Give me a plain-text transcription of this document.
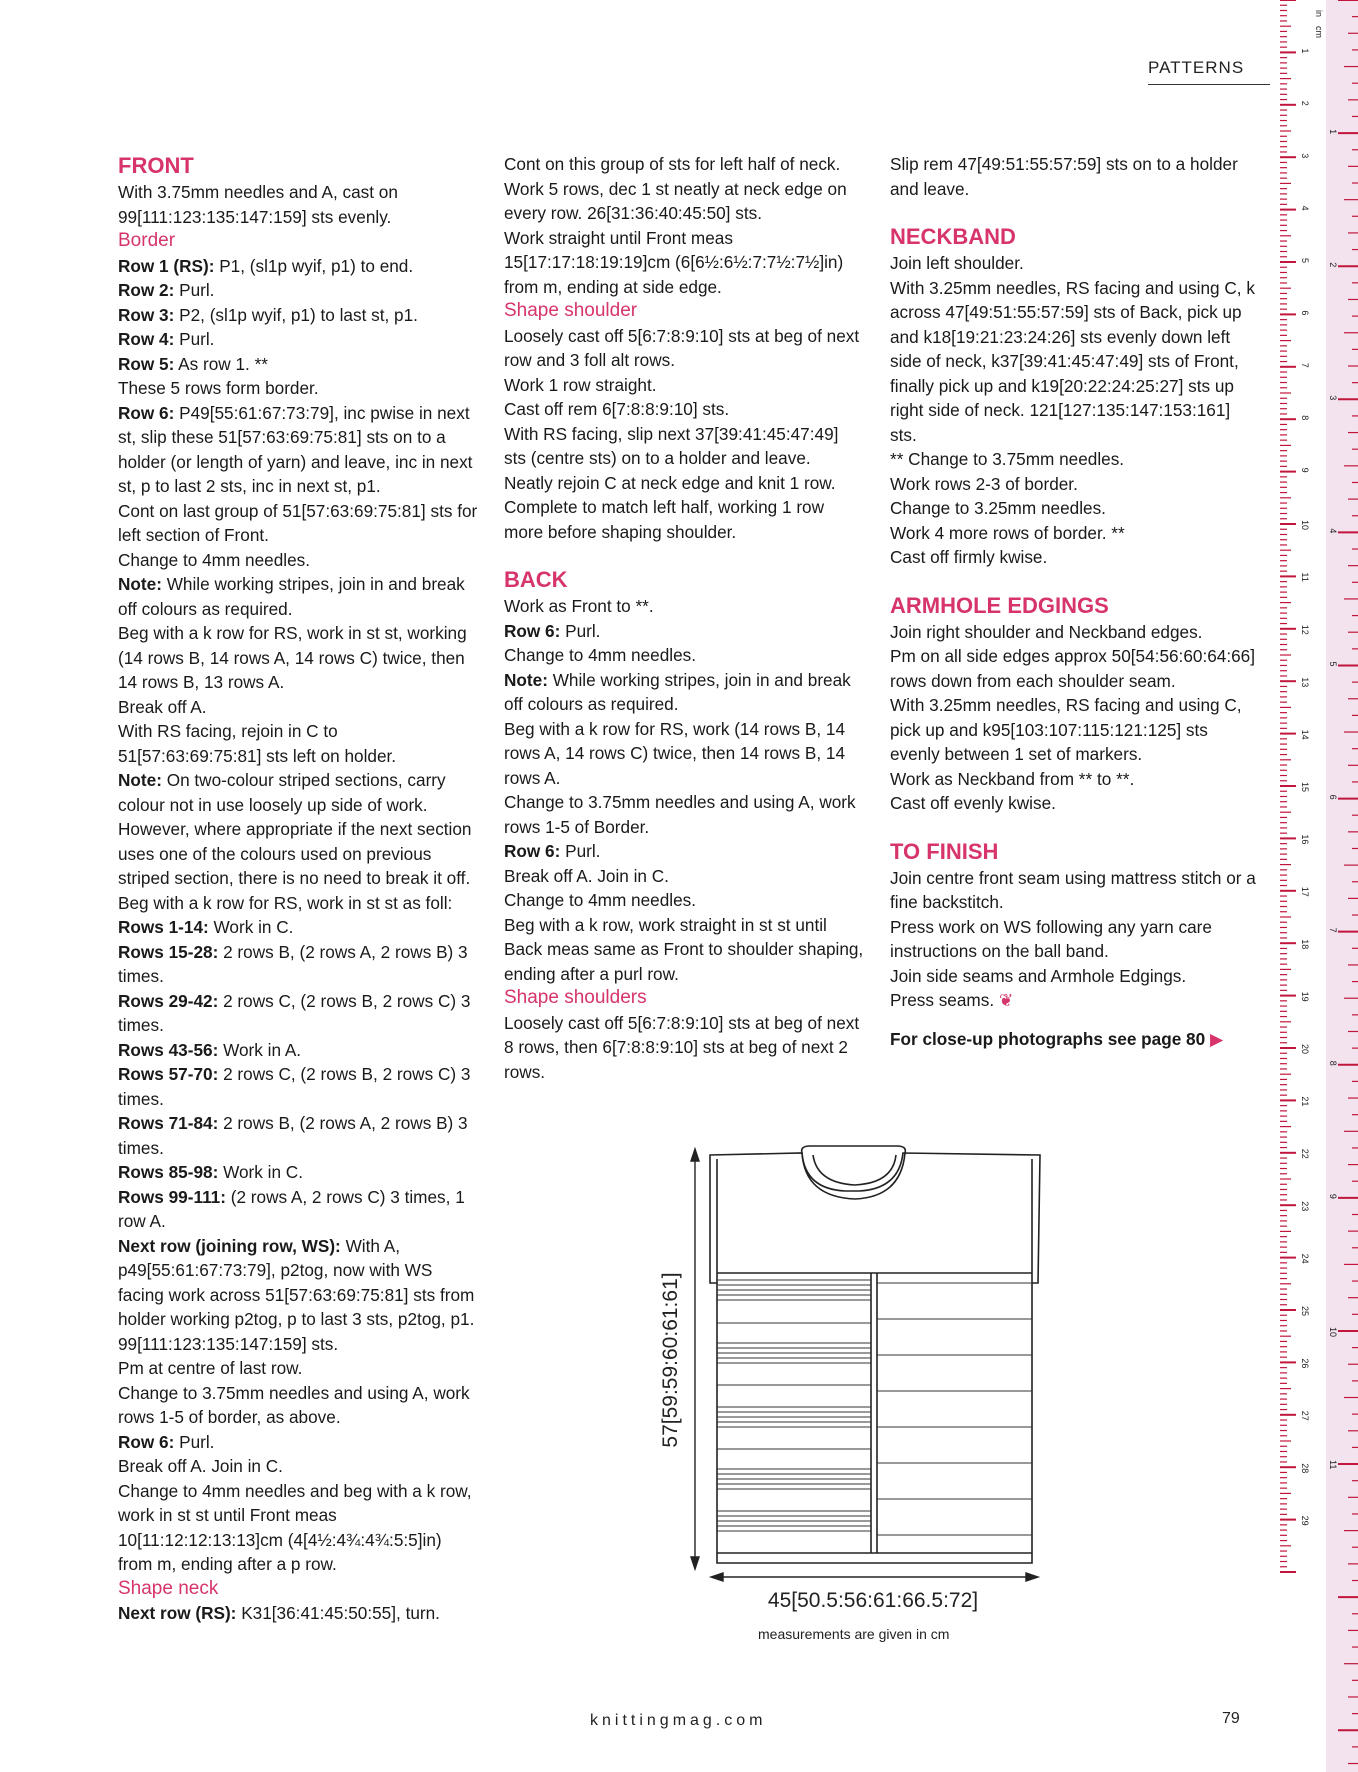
PATTERNS

FRONT

With 3.75mm needles and A, cast on 99[111:123:135:147:159] sts evenly.

Border

Row 1 (RS): P1, (sl1p wyif, p1) to end.

Row 2: Purl.

Row 3: P2, (sl1p wyif, p1) to last st, p1.

Row 4: Purl.

Row 5: As row 1. **

These 5 rows form border.

Row 6: P49[55:61:67:73:79], inc pwise in next st, slip these 51[57:63:69:75:81] sts on to a holder (or length of yarn) and leave, inc in next st, p to last 2 sts, inc in next st, p1.

Cont on last group of 51[57:63:69:75:81] sts for left section of Front.

Change to 4mm needles.

Note: While working stripes, join in and break off colours as required.

Beg with a k row for RS, work in st st, working (14 rows B, 14 rows A, 14 rows C) twice, then 14 rows B, 13 rows A.

Break off A.

With RS facing, rejoin in C to 51[57:63:69:75:81] sts left on holder.

Note: On two-colour striped sections, carry colour not in use loosely up side of work. However, where appropriate if the next section uses one of the colours used on previous striped section, there is no need to break it off.

Beg with a k row for RS, work in st st as foll:

Rows 1-14: Work in C.

Rows 15-28: 2 rows B, (2 rows A, 2 rows B) 3 times.

Rows 29-42: 2 rows C, (2 rows B, 2 rows C) 3 times.

Rows 43-56: Work in A.

Rows 57-70: 2 rows C, (2 rows B, 2 rows C) 3 times.

Rows 71-84: 2 rows B, (2 rows A, 2 rows B) 3 times.

Rows 85-98: Work in C.

Rows 99-111: (2 rows A, 2 rows C) 3 times, 1 row A.

Next row (joining row, WS): With A, p49[55:61:67:73:79], p2tog, now with WS facing work across 51[57:63:69:75:81] sts from holder working p2tog, p to last 3 sts, p2tog, p1. 99[111:123:135:147:159] sts.

Pm at centre of last row.

Change to 3.75mm needles and using A, work rows 1-5 of border, as above.

Row 6: Purl.

Break off A. Join in C.

Change to 4mm needles and beg with a k row, work in st st until Front meas 10[11:12:12:13:13]cm (4[4½:4¾:4¾:5:5]in) from m, ending after a p row.

Shape neck

Next row (RS): K31[36:41:45:50:55], turn.

Cont on this group of sts for left half of neck.

Work 5 rows, dec 1 st neatly at neck edge on every row. 26[31:36:40:45:50] sts.

Work straight until Front meas 15[17:17:18:19:19]cm (6[6½:6½:7:7½:7½]in) from m, ending at side edge.

Shape shoulder

Loosely cast off 5[6:7:8:9:10] sts at beg of next row and 3 foll alt rows.

Work 1 row straight.

Cast off rem 6[7:8:8:9:10] sts.

With RS facing, slip next 37[39:41:45:47:49] sts (centre sts) on to a holder and leave.

Neatly rejoin C at neck edge and knit 1 row.

Complete to match left half, working 1 row more before shaping shoulder.

BACK

Work as Front to **.

Row 6: Purl.

Change to 4mm needles.

Note: While working stripes, join in and break off colours as required.

Beg with a k row for RS, work (14 rows B, 14 rows A, 14 rows C) twice, then 14 rows B, 14 rows A.

Change to 3.75mm needles and using A, work rows 1-5 of Border.

Row 6: Purl.

Break off A. Join in C.

Change to 4mm needles.

Beg with a k row, work straight in st st until Back meas same as Front to shoulder shaping, ending after a purl row.

Shape shoulders

Loosely cast off 5[6:7:8:9:10] sts at beg of next 8 rows, then 6[7:8:8:9:10] sts at beg of next 2 rows.

Slip rem 47[49:51:55:57:59] sts on to a holder and leave.

NECKBAND

Join left shoulder.

With 3.25mm needles, RS facing and using C, k across 47[49:51:55:57:59] sts of Back, pick up and k18[19:21:23:24:26] sts evenly down left side of neck, k37[39:41:45:47:49] sts of Front, finally pick up and k19[20:22:24:25:27] sts up right side of neck. 121[127:135:147:153:161] sts.

** Change to 3.75mm needles.

Work rows 2-3 of border.

Change to 3.25mm needles.

Work 4 more rows of border. **

Cast off firmly kwise.

ARMHOLE EDGINGS

Join right shoulder and Neckband edges.

Pm on all side edges approx 50[54:56:60:64:66] rows down from each shoulder seam.

With 3.25mm needles, RS facing and using C, pick up and k95[103:107:115:121:125] sts evenly between 1 set of markers.

Work as Neckband from ** to **.

Cast off evenly kwise.

TO FINISH

Join centre front seam using mattress stitch or a fine backstitch.

Press work on WS following any yarn care instructions on the ball band.

Join side seams and Armhole Edgings.

Press seams. ❦

For close-up photographs see page 80 ▶

57[59:59:60:61:61]
45[50.5:56:61:66.5:72]
measurements are given in cm
knittingmag.com	79
1
2
3
4
5
6
7
8
9
10
11
12
13
14
15
16
17
18
19
20
21
22
23
24
25
26
27
28
29
1
2
3
4
5
6
7
8
9
10
11
in
cm
